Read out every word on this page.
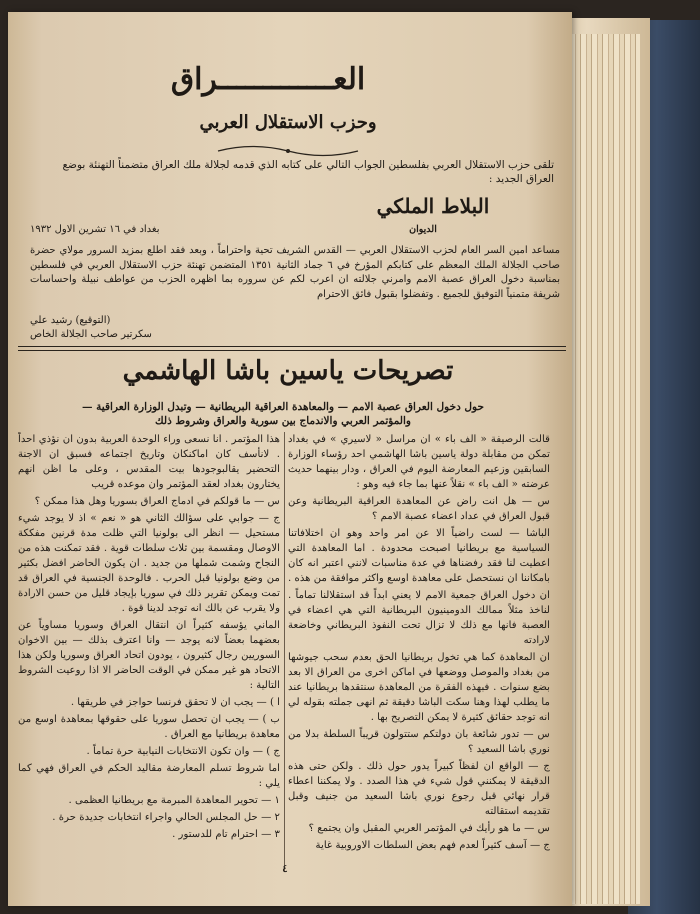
العـــــــــــــراق
وحزب الاستقلال العربي
تلقى حزب الاستقلال العربي بفلسطين الجواب التالي على كتابه الذي قدمه لجلالة ملك العراق متضمناً التهنئة بوضع العراق الجديد :
البلاط الملكي
الديوان
بغداد في ١٦ تشرين الاول ١٩٣٢
مساعد امين السر العام لحزب الاستقلال العربي — القدس الشريف تحية واحتراماً ، وبعد فقد اطلع بمزيد السرور مولاي حضرة صاحب الجلالة الملك المعظم على كتابكم المؤرخ في ٦ جماد الثانية ١٣٥١ المتضمن تهنئة حزب الاستقلال العربي في فلسطين بمناسبة دخول العراق عصبة الامم وامرني جلالته ان اعرب لكم عن سروره بما اظهره الحزب من عواطف نبيلة واحساسات شريفة متمنياً التوفيق للجميع . وتفضلوا بقبول فائق الاحترام
(التوقيع) رشيد علي
سكرتير صاحب الجلالة الخاص
تصريحات ياسين باشا الهاشمي
حول دخول العراق عصبة الامم — والمعاهدة العراقية البريطانية — وتبدل الوزارة العراقية — والمؤتمر العربي والاندماج بين سورية والعراق وشروط ذلك

قالت الرصيفة « الف باء » ان مراسل « لاسيري » في بغداد تمكن من مقابلة دولة ياسين باشا الهاشمي احد رؤساء الوزارة السابقين وزعيم المعارضة اليوم في العراق ، ودار بينهما حديث عرضته « الف باء » نقلاً عنها بما جاء فيه وهو :

س — هل انت راض عن المعاهدة العراقية البريطانية وعن قبول العراق في عداد اعضاء عصبة الامم ؟

الباشا — لست راضياً الا عن امر واحد وهو ان اختلافاتنا السياسية مع بريطانيا اصبحت محدودة . اما المعاهدة التي اعطيت لنا فقد رفضناها في عدة مناسبات لانني اعتبر انه كان بامكاننا ان نستحصل على معاهدة اوسع واكثر موافقة من هذه .

ان دخول العراق جمعية الامم لا يعني ابداً قد استقلالنا تماماً . لناخذ مثلاً ممالك الدومينيون البريطانية التي هي اعضاء في العصبة فانها مع ذلك لا تزال تحت النفوذ البريطاني وخاضعة لارادته

ان المعاهدة كما هي تخول بريطانيا الحق بعدم سحب جيوشها من بغداد والموصل ووضعها في اماكن اخرى من العراق الا بعد بضع سنوات . فبهذه الفقرة من المعاهدة سنتقدها بريطانيا عند ما يطلب لهذا وهنا سكت الباشا دقيقة ثم انهى جملته بقوله لي انه توجد حقائق كثيرة لا يمكن التصريح بها .

س — تدور شائعة بان دولتكم ستتولون قريباً السلطة بدلا من نوري باشا السعيد ؟

ج — الواقع ان لفظاً كبيراً يدور حول ذلك . ولكن حتى هذه الدقيقة لا يمكنني قول شيء في هذا الصدد . ولا يمكننا اعطاء قرار نهائي قبل رجوع نوري باشا السعيد من جنيف وقبل تقديمه استقالته

س — ما هو رأيك في المؤتمر العربي المقبل وان يجتمع ؟

ج — آسف كثيراً لعدم فهم بعض السلطات الاوروبية غاية

هذا المؤتمر . انا نسعى وراء الوحدة العربية بدون ان نؤذي احداً . لانأسف كان اماكنكان وتاريخ اجتماعه فسبق ان الاجنة التحضير يقالبوجودها بيت المقدس ، وعلى ما اظن انهم يختارون بغداد لعقد المؤتمر وان موعده قريب

س — ما قولكم في ادماج العراق بسوريا وهل هذا ممكن ؟

ج — جوابي على سؤالك الثاني هو « نعم » اذ لا يوجد شيء مستحيل — انظر الى بولونيا التي ظلت مدة قرنين مفككة الاوصال ومقسمة بين ثلاث سلطات قوية . فقد تمكنت هذه من النجاح وشمت شملها من جديد . ان يكون الحاضر افضل بكثير من وضع بولونيا قبل الحرب . فالوحدة الجنسية في العراق قد تمت ويمكن تقرير ذلك في سوريا بإيجاد قليل من حسن الارادة ولا يقرب عن بالك انه توجد لدينا قوة .

الماني يؤسفه كثيراً ان انتقال العراق وسوريا مساوياً عن بعضهما بعضاً لانه يوجد — وانا اعترف بذلك — بين الاخوان السوريين رجال كثيرون ، يودون اتحاد العراق وسوريا ولكن هذا الاتحاد هو غير ممكن في الوقت الحاضر الا اذا روعيت الشروط التالية :

ا ) — يجب ان لا تحقق فرنسا حواجز في طريقها .

ب ) — يجب ان تحصل سوريا على حقوقها بمعاهدة اوسع من معاهدة بريطانيا مع العراق .

ج ) — وان تكون الانتخابات النيابية حرة تماماً .

اما شروط تسلم المعارضة مقاليد الحكم في العراق فهي كما يلي :

١ — تحوير المعاهدة المبرمة مع بريطانيا العظمى .

٢ — حل المجلس الحالي واجراء انتخابات جديدة حرة .

٣ — احترام تام للدستور .

٤
